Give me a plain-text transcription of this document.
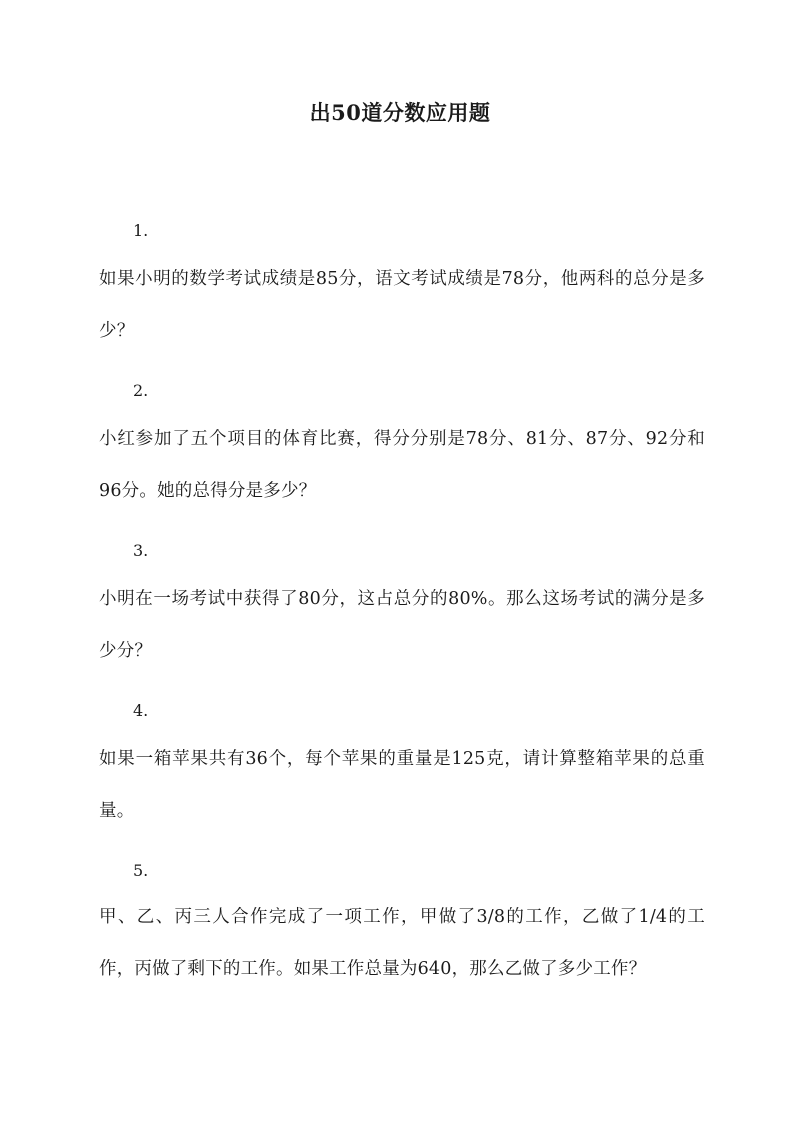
出50道分数应用题
1.
如果小明的数学考试成绩是85分，语文考试成绩是78分，他两科的总分是多少？
2.
小红参加了五个项目的体育比赛，得分分别是78分、81分、87分、92分和96分。她的总得分是多少？
3.
小明在一场考试中获得了80分，这占总分的80%。那么这场考试的满分是多少分？
4.
如果一箱苹果共有36个，每个苹果的重量是125克，请计算整箱苹果的总重量。
5.
甲、乙、丙三人合作完成了一项工作，甲做了3/8的工作，乙做了1/4的工作，丙做了剩下的工作。如果工作总量为640，那么乙做了多少工作？
